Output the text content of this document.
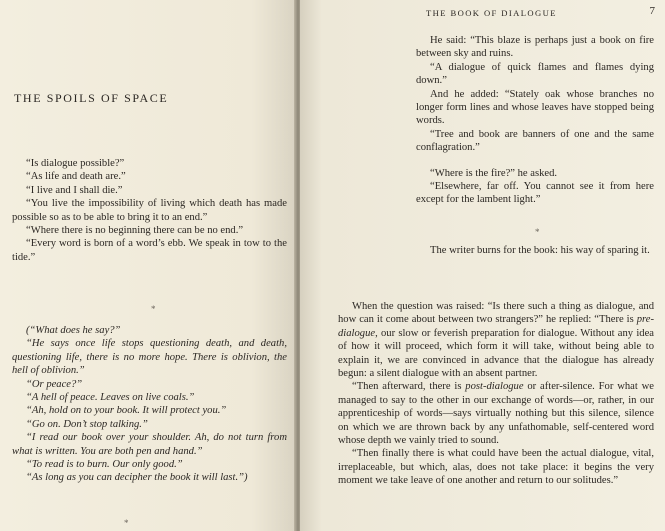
THE SPOILS OF SPACE

“Is dialogue possible?”

“As life and death are.”

“I live and I shall die.”

“You live the impossibility of living which death has made possible so as to be able to bring it to an end.”

“Where there is no beginning there can be no end.”

“Every word is born of a word’s ebb. We speak in tow to the tide.”

*

(“What does he say?”

“He says once life stops questioning death, and death, questioning life, there is no more hope. There is oblivion, the hell of oblivion.”

“Or peace?”

“A hell of peace. Leaves on live coals.”

“Ah, hold on to your book. It will protect you.”

“Go on. Don’t stop talking.”

“I read our book over your shoulder. Ah, do not turn from what is written. You are both pen and hand.”

“To read is to burn. Our only good.”

“As long as you can decipher the book it will last.”)

*
THE BOOK OF DIALOGUE	7

He said: “This blaze is perhaps just a book on fire between sky and ruins.

“A dialogue of quick flames and flames dying down.”

And he added: “Stately oak whose branches no longer form lines and whose leaves have stopped being words.

“Tree and book are banners of one and the same conflagration.”

“Where is the fire?” he asked.

“Elsewhere, far off. You cannot see it from here except for the lambent light.”

*

The writer burns for the book: his way of sparing it.

When the question was raised: “Is there such a thing as dialogue, and how can it come about between two strangers?” he replied: “There is pre-dialogue, our slow or feverish preparation for dialogue. Without any idea of how it will proceed, which form it will take, without being able to explain it, we are convinced in advance that the dialogue has already begun: a silent dialogue with an absent partner.

“Then afterward, there is post-dialogue or after-silence. For what we managed to say to the other in our exchange of words—or, rather, in our apprenticeship of words—says virtually nothing but this silence, silence on which we are thrown back by any unfathomable, self-centered word whose depth we vainly tried to sound.

“Then finally there is what could have been the actual dialogue, vital, irreplaceable, but which, alas, does not take place: it begins the very moment we take leave of one another and return to our solitudes.”
